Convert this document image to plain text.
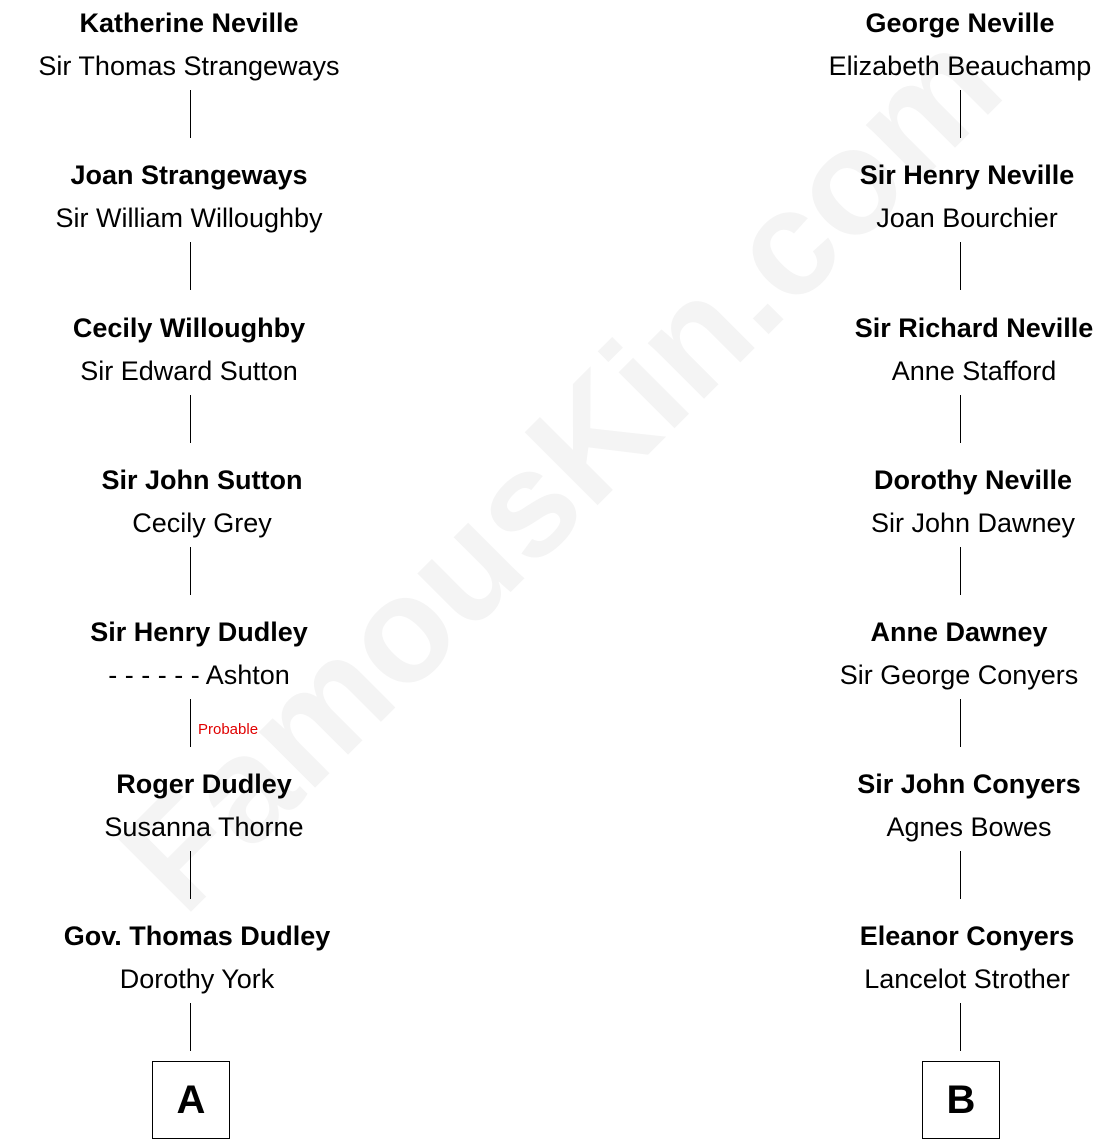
Katherine Neville
Sir Thomas Strangeways
Joan Strangeways
Sir William Willoughby
Cecily Willoughby
Sir Edward Sutton
Sir John Sutton
Cecily Grey
Sir Henry Dudley
- - - - - - Ashton
Probable
Roger Dudley
Susanna Thorne
Gov. Thomas Dudley
Dorothy York
A
George Neville
Elizabeth Beauchamp
Sir Henry Neville
Joan Bourchier
Sir Richard Neville
Anne Stafford
Dorothy Neville
Sir John Dawney
Anne Dawney
Sir George Conyers
Sir John Conyers
Agnes Bowes
Eleanor Conyers
Lancelot Strother
B
